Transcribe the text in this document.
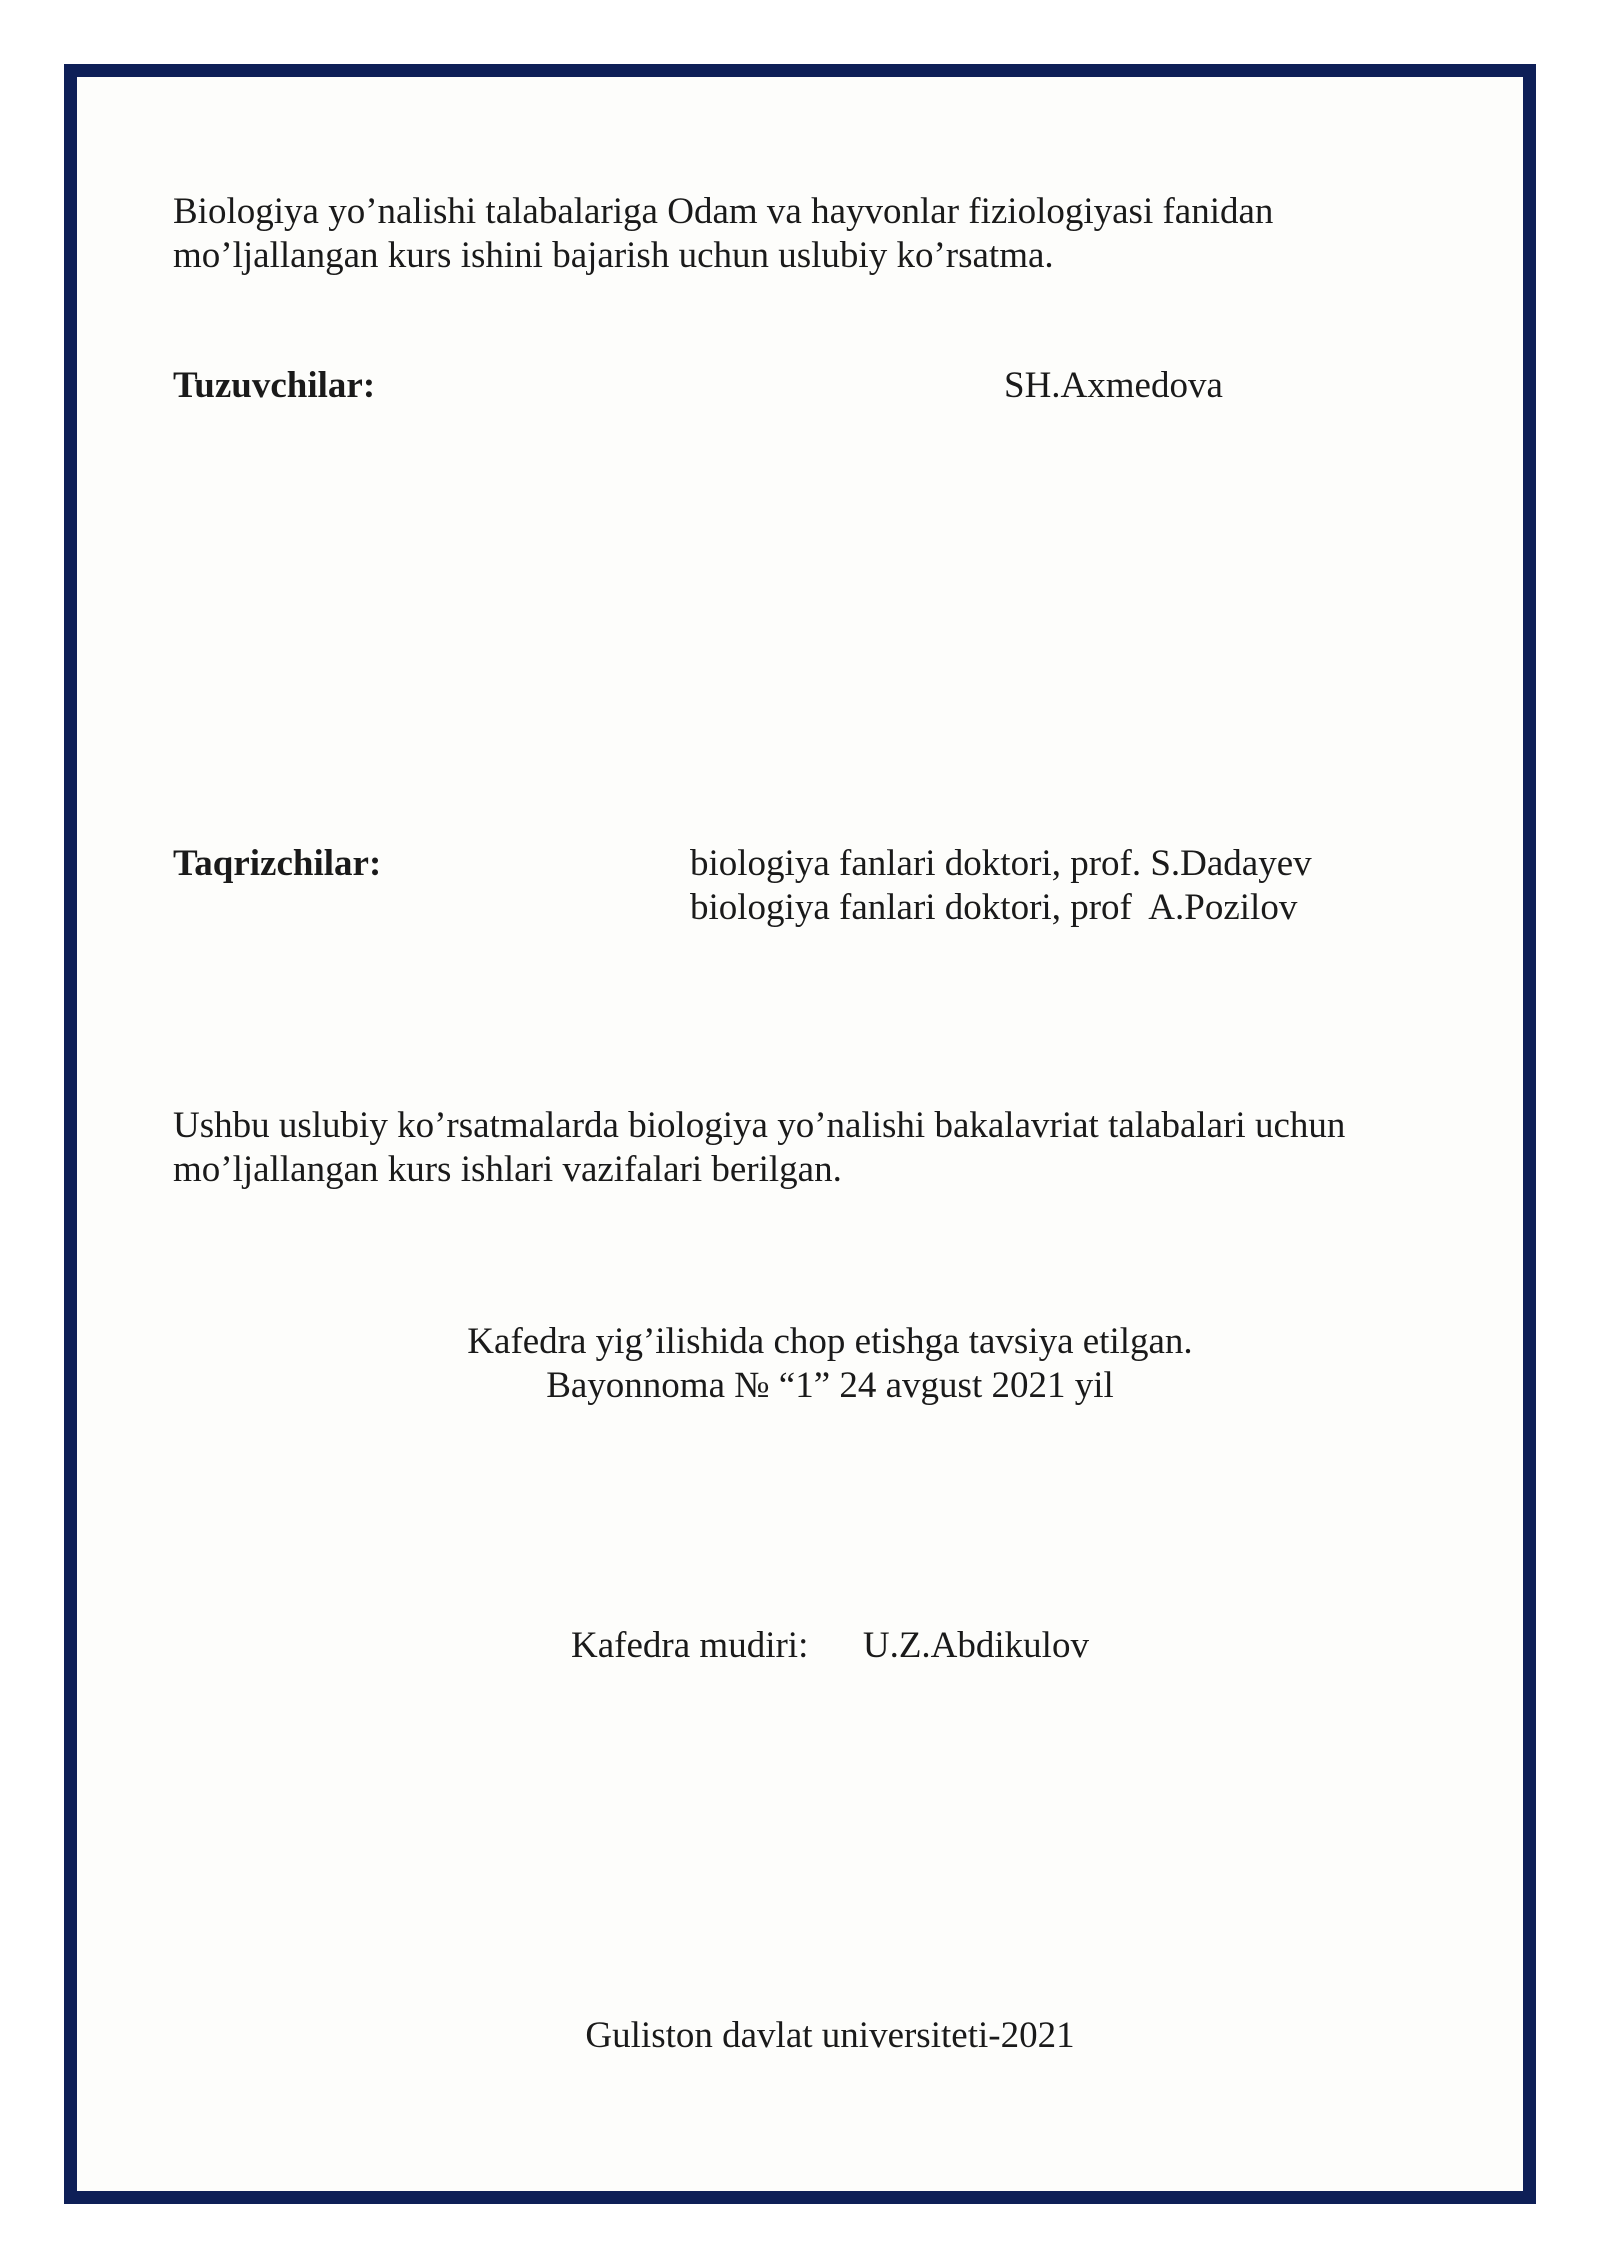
Biologiya yo’nalishi talabalariga Odam va hayvonlar fiziologiyasi fanidan
mo’ljallangan kurs ishini bajarish uchun uslubiy ko’rsatma.
Tuzuvchilar:	SH.Axmedova
Taqrizchilar:	biologiya fanlari doktori, prof. S.Dadayev
biologiya fanlari doktori, prof  A.Pozilov
Ushbu uslubiy ko’rsatmalarda biologiya yo’nalishi bakalavriat talabalari uchun
mo’ljallangan kurs ishlari vazifalari berilgan.
Kafedra yig’ilishida chop etishga tavsiya etilgan.
Bayonnoma № “1” 24 avgust 2021 yil
Kafedra mudiri: U.Z.Abdikulov
Guliston davlat universiteti-2021
